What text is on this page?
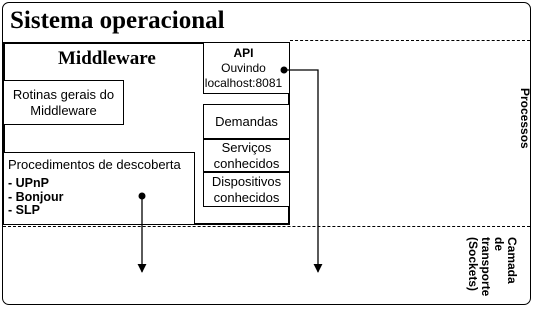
Sistema operacional
Middleware
Rotinas gerais do
Middleware
API
Ouvindo
localhost:8081
Demandas
Serviços
conhecidos
Dispositivos
conhecidos
Procedimentos de descoberta
- UPnP
- Bonjour
- SLP
Processos
Camada
de
transporte
(Sockets)
